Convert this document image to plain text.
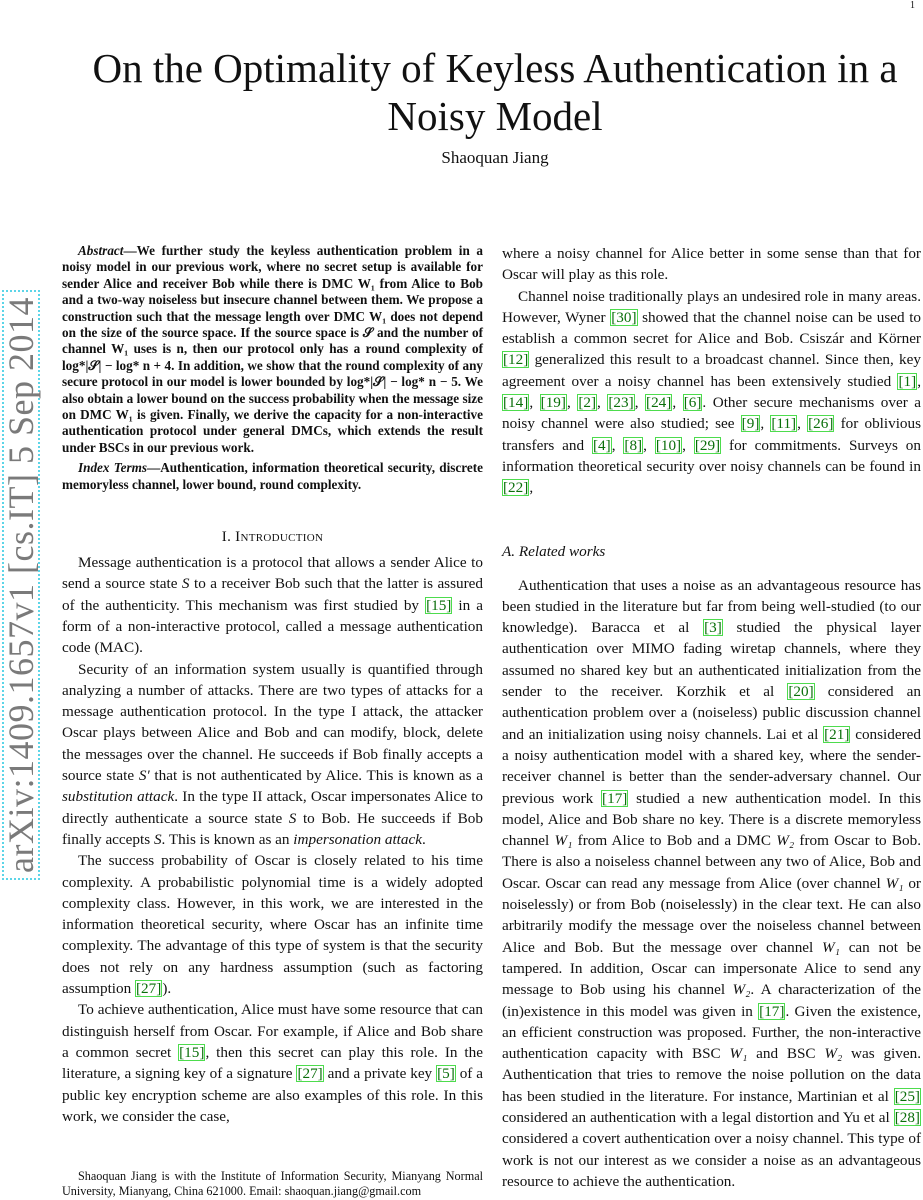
1
arXiv:1409.1657v1 [cs.IT] 5 Sep 2014
On the Optimality of Keyless Authentication in a Noisy Model
Shaoquan Jiang

Abstract—We further study the keyless authentication problem in a noisy model in our previous work, where no secret setup is available for sender Alice and receiver Bob while there is DMC W₁ from Alice to Bob and a two-way noiseless but insecure channel between them. We propose a construction such that the message length over DMC W₁ does not depend on the size of the source space. If the source space is 𝒮 and the number of channel W₁ uses is n, then our protocol only has a round complexity of log*|𝒮| − log* n + 4. In addition, we show that the round complexity of any secure protocol in our model is lower bounded by log*|𝒮| − log* n − 5. We also obtain a lower bound on the success probability when the message size on DMC W₁ is given. Finally, we derive the capacity for a non-interactive authentication protocol under general DMCs, which extends the result under BSCs in our previous work.

Index Terms—Authentication, information theoretical security, discrete memoryless channel, lower bound, round complexity.

I. Introduction

Message authentication is a protocol that allows a sender Alice to send a source state S to a receiver Bob such that the latter is assured of the authenticity. This mechanism was first studied by [15] in a form of a non-interactive protocol, called a message authentication code (MAC).

Security of an information system usually is quantified through analyzing a number of attacks. There are two types of attacks for a message authentication protocol. In the type I attack, the attacker Oscar plays between Alice and Bob and can modify, block, delete the messages over the channel. He succeeds if Bob finally accepts a source state S′ that is not authenticated by Alice. This is known as a substitution attack. In the type II attack, Oscar impersonates Alice to directly authenticate a source state S to Bob. He succeeds if Bob finally accepts S. This is known as an impersonation attack.

The success probability of Oscar is closely related to his time complexity. A probabilistic polynomial time is a widely adopted complexity class. However, in this work, we are interested in the information theoretical security, where Oscar has an infinite time complexity. The advantage of this type of system is that the security does not rely on any hardness assumption (such as factoring assumption [27]).

To achieve authentication, Alice must have some resource that can distinguish herself from Oscar. For example, if Alice and Bob share a common secret [15], then this secret can play this role. In the literature, a signing key of a signature [27] and a private key [5] of a public key encryption scheme are also examples of this role. In this work, we consider the case,

Shaoquan Jiang is with the Institute of Information Security, Mianyang Normal University, Mianyang, China 621000. Email: shaoquan.jiang@gmail.com

where a noisy channel for Alice better in some sense than that for Oscar will play as this role.

Channel noise traditionally plays an undesired role in many areas. However, Wyner [30] showed that the channel noise can be used to establish a common secret for Alice and Bob. Csiszár and Körner [12] generalized this result to a broadcast channel. Since then, key agreement over a noisy channel has been extensively studied [1], [14], [19], [2], [23], [24], [6]. Other secure mechanisms over a noisy channel were also studied; see [9], [11], [26] for oblivious transfers and [4], [8], [10], [29] for commitments. Surveys on information theoretical security over noisy channels can be found in [22],

A. Related works

Authentication that uses a noise as an advantageous resource has been studied in the literature but far from being well-studied (to our knowledge). Baracca et al [3] studied the physical layer authentication over MIMO fading wiretap channels, where they assumed no shared key but an authenticated initialization from the sender to the receiver. Korzhik et al [20] considered an authentication problem over a (noiseless) public discussion channel and an initialization using noisy channels. Lai et al [21] considered a noisy authentication model with a shared key, where the sender-receiver channel is better than the sender-adversary channel. Our previous work [17] studied a new authentication model. In this model, Alice and Bob share no key. There is a discrete memoryless channel W₁ from Alice to Bob and a DMC W₂ from Oscar to Bob. There is also a noiseless channel between any two of Alice, Bob and Oscar. Oscar can read any message from Alice (over channel W₁ or noiselessly) or from Bob (noiselessly) in the clear text. He can also arbitrarily modify the message over the noiseless channel between Alice and Bob. But the message over channel W₁ can not be tampered. In addition, Oscar can impersonate Alice to send any message to Bob using his channel W₂. A characterization of the (in)existence in this model was given in [17]. Given the existence, an efficient construction was proposed. Further, the non-interactive authentication capacity with BSC W₁ and BSC W₂ was given. Authentication that tries to remove the noise pollution on the data has been studied in the literature. For instance, Martinian et al [25] considered an authentication with a legal distortion and Yu et al [28] considered a covert authentication over a noisy channel. This type of work is not our interest as we consider a noise as an advantageous resource to achieve the authentication.
